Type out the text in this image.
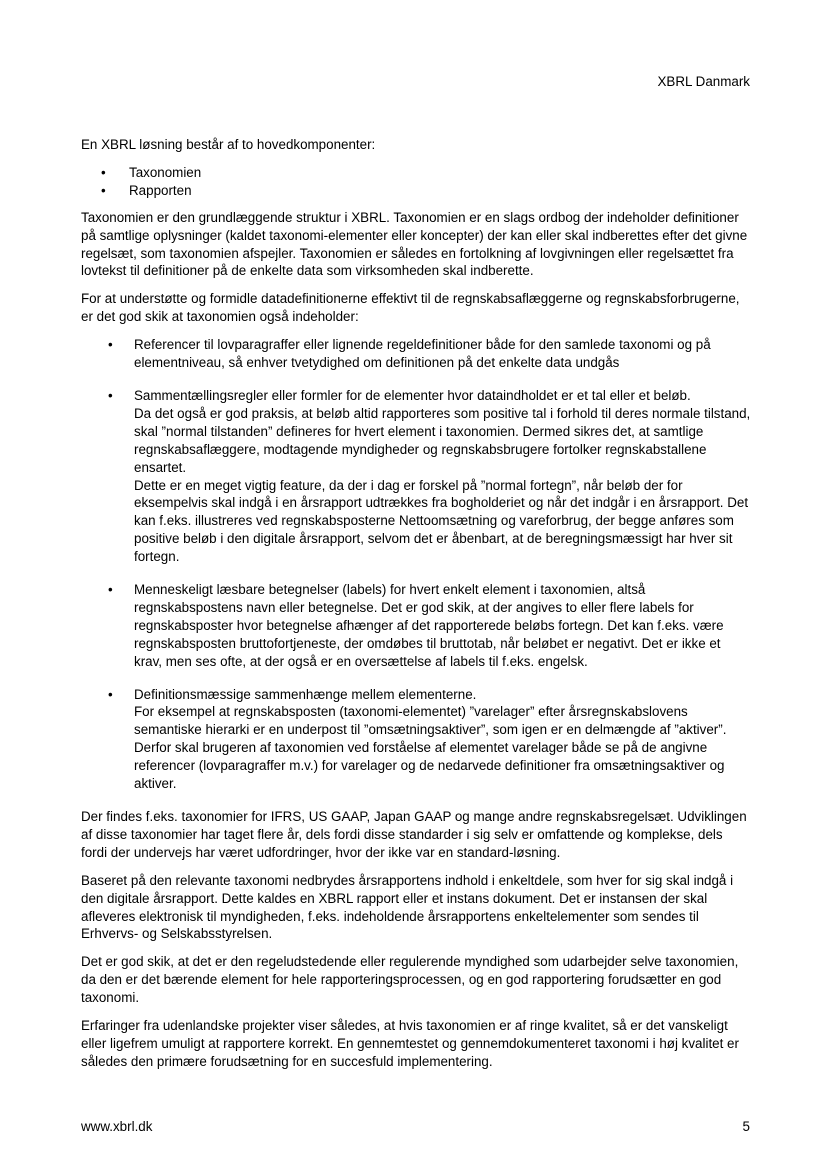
XBRL Danmark

En XBRL løsning består af to hovedkomponenter:

• Taxonomien
• Rapporten

Taxonomien er den grundlæggende struktur i XBRL. Taxonomien er en slags ordbog der indeholder definitioner på samtlige oplysninger (kaldet taxonomi-elementer eller koncepter) der kan eller skal indberettes efter det givne regelsæt, som taxonomien afspejler. Taxonomien er således en fortolkning af lovgivningen eller regelsættet fra lovtekst til definitioner på de enkelte data som virksomheden skal indberette.

For at understøtte og formidle datadefinitionerne effektivt til de regnskabsaflæggerne og regnskabsforbrugerne, er det god skik at taxonomien også indeholder:

• Referencer til lovparagraffer eller lignende regeldefinitioner både for den samlede taxonomi og på elementniveau, så enhver tvetydighed om definitionen på det enkelte data undgås
• Sammentællingsregler eller formler for de elementer hvor dataindholdet er et tal eller et beløb.
Da det også er god praksis, at beløb altid rapporteres som positive tal i forhold til deres normale tilstand, skal ”normal tilstanden” defineres for hvert element i taxonomien. Dermed sikres det, at samtlige regnskabsaflæggere, modtagende myndigheder og regnskabsbrugere fortolker regnskabstallene ensartet.
Dette er en meget vigtig feature, da der i dag er forskel på ”normal fortegn”, når beløb der for eksempelvis skal indgå i en årsrapport udtrækkes fra bogholderiet og når det indgår i en årsrapport. Det kan f.eks. illustreres ved regnskabsposterne Nettoomsætning og vareforbrug, der begge anføres som positive beløb i den digitale årsrapport, selvom det er åbenbart, at de beregningsmæssigt har hver sit fortegn.
• Menneskeligt læsbare betegnelser (labels) for hvert enkelt element i taxonomien, altså regnskabspostens navn eller betegnelse. Det er god skik, at der angives to eller flere labels for regnskabsposter hvor betegnelse afhænger af det rapporterede beløbs fortegn. Det kan f.eks. være regnskabsposten bruttofortjeneste, der omdøbes til bruttotab, når beløbet er negativt. Det er ikke et krav, men ses ofte, at der også er en oversættelse af labels til f.eks. engelsk.
• Definitionsmæssige sammenhænge mellem elementerne.
For eksempel at regnskabsposten (taxonomi-elementet) ”varelager” efter årsregnskabslovens semantiske hierarki er en underpost til ”omsætningsaktiver”, som igen er en delmængde af ”aktiver”. Derfor skal brugeren af taxonomien ved forståelse af elementet varelager både se på de angivne referencer (lovparagraffer m.v.) for varelager og de nedarvede definitioner fra omsætningsaktiver og aktiver.

Der findes f.eks. taxonomier for IFRS, US GAAP, Japan GAAP og mange andre regnskabsregelsæt. Udviklingen af disse taxonomier har taget flere år, dels fordi disse standarder i sig selv er omfattende og komplekse, dels fordi der undervejs har været udfordringer, hvor der ikke var en standard-løsning.

Baseret på den relevante taxonomi nedbrydes årsrapportens indhold i enkeltdele, som hver for sig skal indgå i den digitale årsrapport. Dette kaldes en XBRL rapport eller et instans dokument. Det er instansen der skal afleveres elektronisk til myndigheden, f.eks. indeholdende årsrapportens enkeltelementer som sendes til Erhvervs- og Selskabsstyrelsen.

Det er god skik, at det er den regeludstedende eller regulerende myndighed som udarbejder selve taxonomien, da den er det bærende element for hele rapporteringsprocessen, og en god rapportering forudsætter en god taxonomi.

Erfaringer fra udenlandske projekter viser således, at hvis taxonomien er af ringe kvalitet, så er det vanskeligt eller ligefrem umuligt at rapportere korrekt. En gennemtestet og gennemdokumenteret taxonomi i høj kvalitet er således den primære forudsætning for en succesfuld implementering.

www.xbrl.dk	5
